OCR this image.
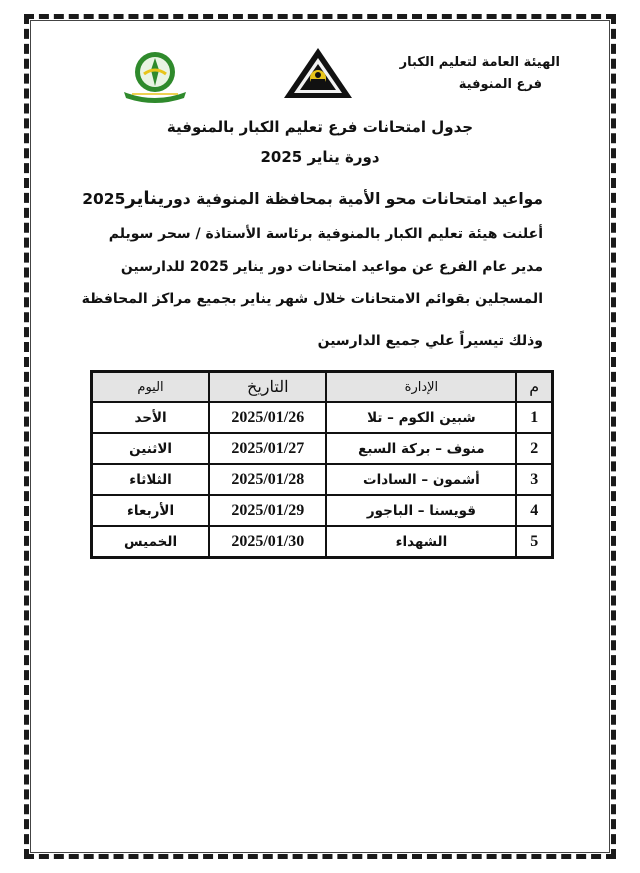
الهيئة العامة لتعليم الكبار
فرع المنوفية
جدول امتحانات فرع تعليم الكبار بالمنوفية
دورة يناير 2025
مواعيد امتحانات محو الأمية بمحافظة المنوفية دوريناير2025
أعلنت هيئة تعليم الكبار بالمنوفية برئاسة الأستاذة / سحر سويلم
مدير عام الفرع عن مواعيد امتحانات دور يناير 2025 للدارسين
المسجلين بقوائم الامتحانات خلال شهر يناير بجميع مراكز المحافظة
وذلك تيسيراً علي جميع الدارسين
م	الإدارة	التاريخ	اليوم
1	شبين الكوم – تلا	2025/01/26	الأحد
2	منوف – بركة السبع	2025/01/27	الاثنين
3	أشمون – السادات	2025/01/28	الثلاثاء
4	قويسنا – الباجور	2025/01/29	الأربعاء
5	الشهداء	2025/01/30	الخميس
